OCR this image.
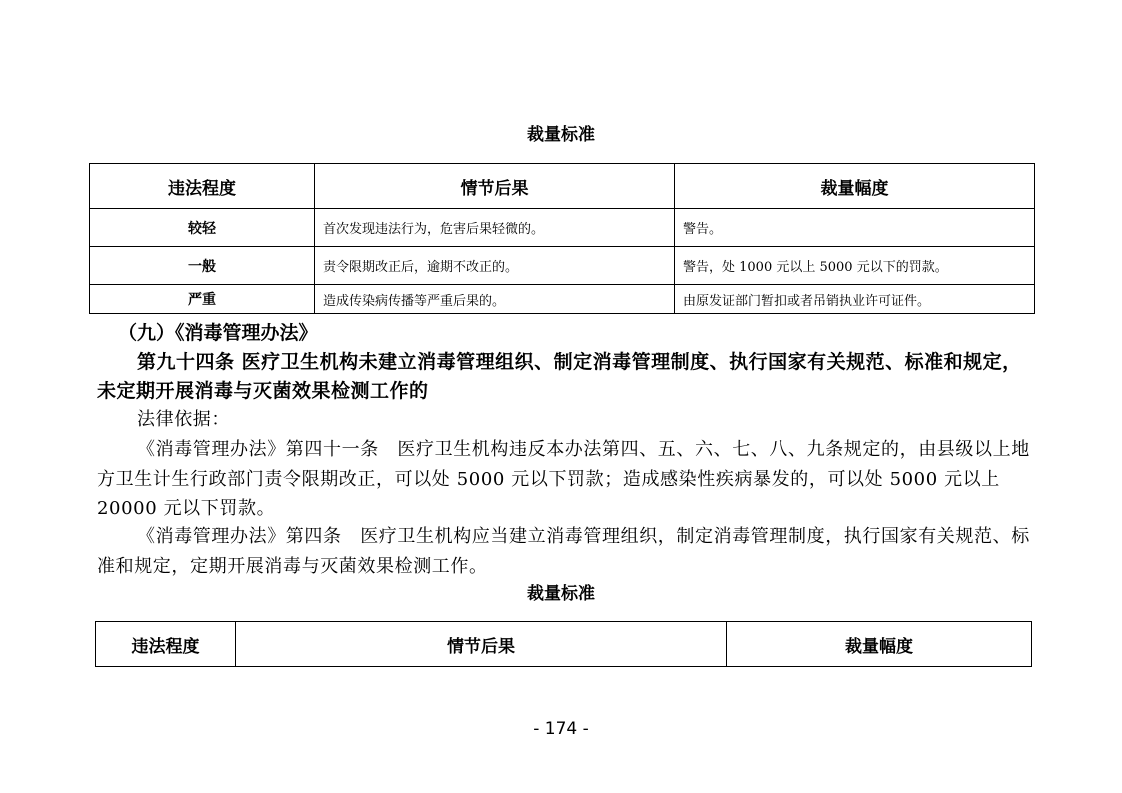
裁量标准
违法程度	情节后果	裁量幅度
较轻	首次发现违法行为，危害后果轻微的。	警告。
一般	责令限期改正后，逾期不改正的。	警告，处 1000 元以上 5000 元以下的罚款。
严重	造成传染病传播等严重后果的。	由原发证部门暂扣或者吊销执业许可证件。
（九）《消毒管理办法》
第九十四条 医疗卫生机构未建立消毒管理组织、制定消毒管理制度、执行国家有关规范、标准和规定，未定期开展消毒与灭菌效果检测工作的
法律依据：
《消毒管理办法》第四十一条　医疗卫生机构违反本办法第四、五、六、七、八、九条规定的，由县级以上地方卫生计生行政部门责令限期改正，可以处 5000 元以下罚款；造成感染性疾病暴发的，可以处 5000 元以上 20000 元以下罚款。
《消毒管理办法》第四条　医疗卫生机构应当建立消毒管理组织，制定消毒管理制度，执行国家有关规范、标准和规定，定期开展消毒与灭菌效果检测工作。
裁量标准
违法程度	情节后果	裁量幅度
- 174 -
